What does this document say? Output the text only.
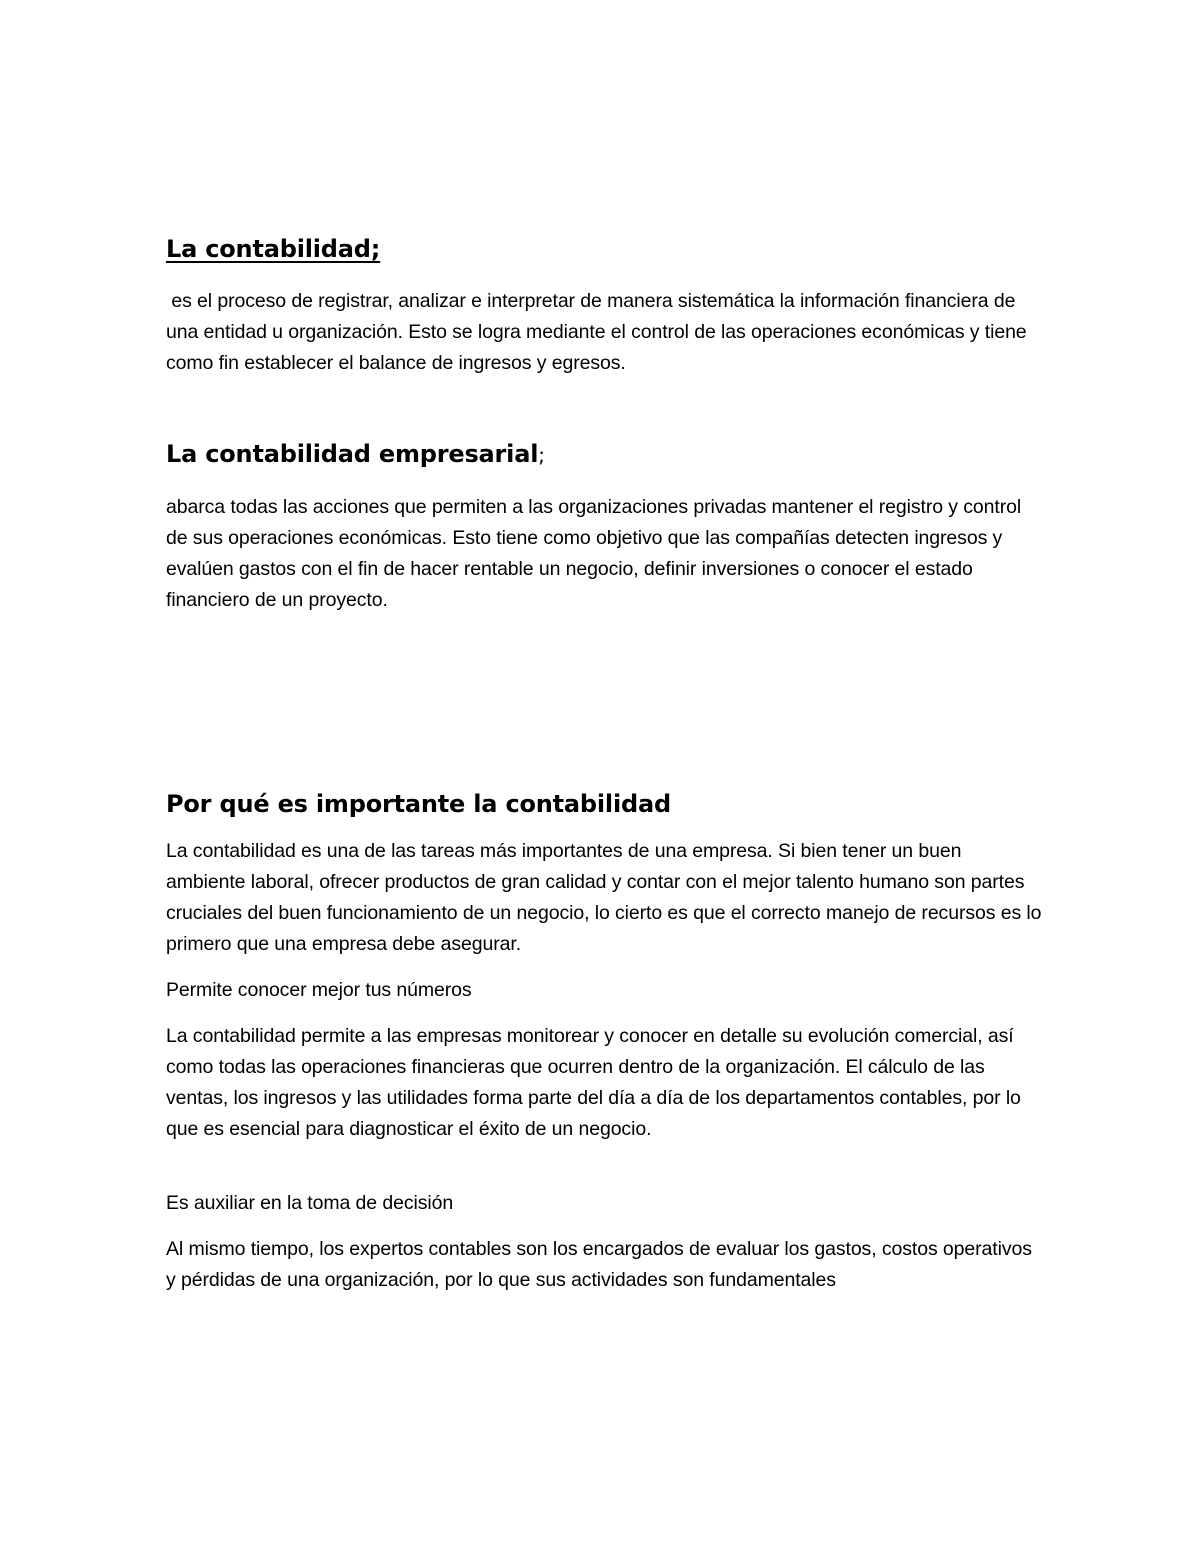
La contabilidad;

es el proceso de registrar, analizar e interpretar de manera sistemática la información financiera de una entidad u organización. Esto se logra mediante el control de las operaciones económicas y tiene como fin establecer el balance de ingresos y egresos.

La contabilidad empresarial;

abarca todas las acciones que permiten a las organizaciones privadas mantener el registro y control de sus operaciones económicas. Esto tiene como objetivo que las compañías detecten ingresos y evalúen gastos con el fin de hacer rentable un negocio, definir inversiones o conocer el estado financiero de un proyecto.

Por qué es importante la contabilidad

La contabilidad es una de las tareas más importantes de una empresa. Si bien tener un buen ambiente laboral, ofrecer productos de gran calidad y contar con el mejor talento humano son partes cruciales del buen funcionamiento de un negocio, lo cierto es que el correcto manejo de recursos es lo primero que una empresa debe asegurar.

Permite conocer mejor tus números

La contabilidad permite a las empresas monitorear y conocer en detalle su evolución comercial, así como todas las operaciones financieras que ocurren dentro de la organización. El cálculo de las ventas, los ingresos y las utilidades forma parte del día a día de los departamentos contables, por lo que es esencial para diagnosticar el éxito de un negocio.

Es auxiliar en la toma de decisión

Al mismo tiempo, los expertos contables son los encargados de evaluar los gastos, costos operativos y pérdidas de una organización, por lo que sus actividades son fundamentales
